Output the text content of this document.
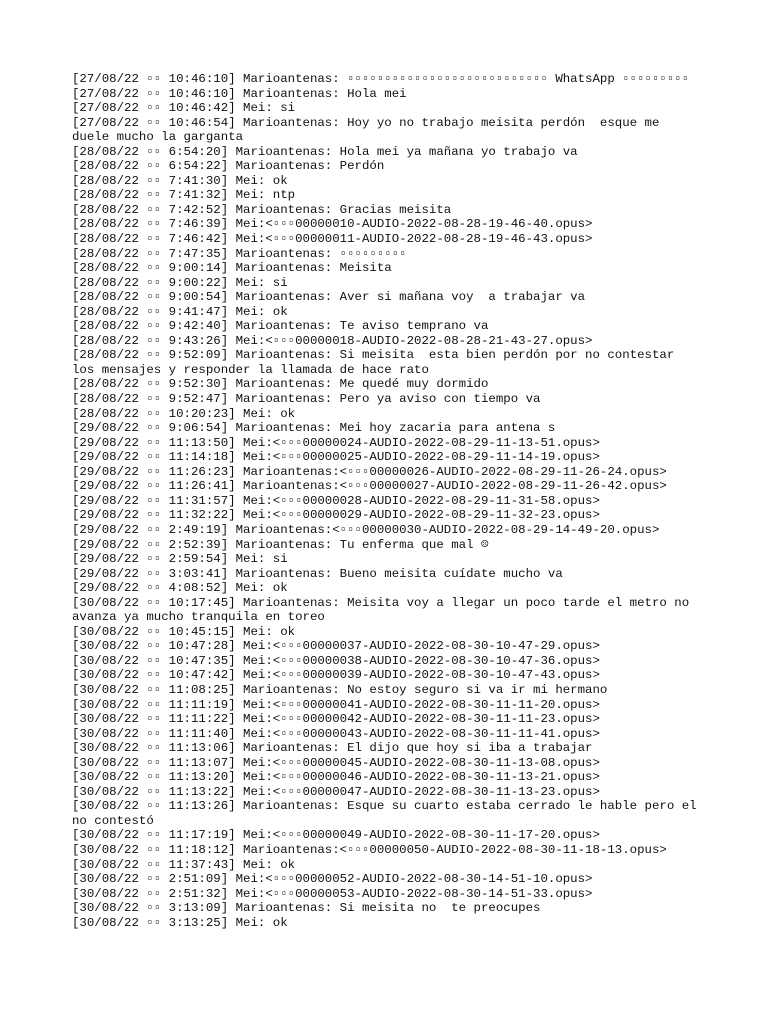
[27/08/22 ▫▫ 10:46:10] Marioantenas: ▫▫▫▫▫▫▫▫▫▫▫▫▫▫▫▫▫▫▫▫▫▫▫▫▫▫▫ WhatsApp ▫▫▫▫▫▫▫▫▫
[27/08/22 ▫▫ 10:46:10] Marioantenas: Hola mei
[27/08/22 ▫▫ 10:46:42] Mei: si
[27/08/22 ▫▫ 10:46:54] Marioantenas: Hoy yo no trabajo meisita perdón  esque me duele mucho la garganta
[28/08/22 ▫▫ 6:54:20] Marioantenas: Hola mei ya mañana yo trabajo va
[28/08/22 ▫▫ 6:54:22] Marioantenas: Perdón
[28/08/22 ▫▫ 7:41:30] Mei: ok
[28/08/22 ▫▫ 7:41:32] Mei: ntp
[28/08/22 ▫▫ 7:42:52] Marioantenas: Gracias meisita
[28/08/22 ▫▫ 7:46:39] Mei:<▫▫▫00000010-AUDIO-2022-08-28-19-46-40.opus>
[28/08/22 ▫▫ 7:46:42] Mei:<▫▫▫00000011-AUDIO-2022-08-28-19-46-43.opus>
[28/08/22 ▫▫ 7:47:35] Marioantenas: ▫▫▫▫▫▫▫▫▫
[28/08/22 ▫▫ 9:00:14] Marioantenas: Meisita
[28/08/22 ▫▫ 9:00:22] Mei: si
[28/08/22 ▫▫ 9:00:54] Marioantenas: Aver si mañana voy  a trabajar va
[28/08/22 ▫▫ 9:41:47] Mei: ok
[28/08/22 ▫▫ 9:42:40] Marioantenas: Te aviso temprano va
[28/08/22 ▫▫ 9:43:26] Mei:<▫▫▫00000018-AUDIO-2022-08-28-21-43-27.opus>
[28/08/22 ▫▫ 9:52:09] Marioantenas: Si meisita  esta bien perdón por no contestar los mensajes y responder la llamada de hace rato
[28/08/22 ▫▫ 9:52:30] Marioantenas: Me quedé muy dormido
[28/08/22 ▫▫ 9:52:47] Marioantenas: Pero ya aviso con tiempo va
[28/08/22 ▫▫ 10:20:23] Mei: ok
[29/08/22 ▫▫ 9:06:54] Marioantenas: Mei hoy zacaria para antena s
[29/08/22 ▫▫ 11:13:50] Mei:<▫▫▫00000024-AUDIO-2022-08-29-11-13-51.opus>
[29/08/22 ▫▫ 11:14:18] Mei:<▫▫▫00000025-AUDIO-2022-08-29-11-14-19.opus>
[29/08/22 ▫▫ 11:26:23] Marioantenas:<▫▫▫00000026-AUDIO-2022-08-29-11-26-24.opus>
[29/08/22 ▫▫ 11:26:41] Marioantenas:<▫▫▫00000027-AUDIO-2022-08-29-11-26-42.opus>
[29/08/22 ▫▫ 11:31:57] Mei:<▫▫▫00000028-AUDIO-2022-08-29-11-31-58.opus>
[29/08/22 ▫▫ 11:32:22] Mei:<▫▫▫00000029-AUDIO-2022-08-29-11-32-23.opus>
[29/08/22 ▫▫ 2:49:19] Marioantenas:<▫▫▫00000030-AUDIO-2022-08-29-14-49-20.opus>
[29/08/22 ▫▫ 2:52:39] Marioantenas: Tu enferma que mal ☹
[29/08/22 ▫▫ 2:59:54] Mei: si
[29/08/22 ▫▫ 3:03:41] Marioantenas: Bueno meisita cuídate mucho va
[29/08/22 ▫▫ 4:08:52] Mei: ok
[30/08/22 ▫▫ 10:17:45] Marioantenas: Meisita voy a llegar un poco tarde el metro no avanza ya mucho tranquila en toreo
[30/08/22 ▫▫ 10:45:15] Mei: ok
[30/08/22 ▫▫ 10:47:28] Mei:<▫▫▫00000037-AUDIO-2022-08-30-10-47-29.opus>
[30/08/22 ▫▫ 10:47:35] Mei:<▫▫▫00000038-AUDIO-2022-08-30-10-47-36.opus>
[30/08/22 ▫▫ 10:47:42] Mei:<▫▫▫00000039-AUDIO-2022-08-30-10-47-43.opus>
[30/08/22 ▫▫ 11:08:25] Marioantenas: No estoy seguro si va ir mi hermano
[30/08/22 ▫▫ 11:11:19] Mei:<▫▫▫00000041-AUDIO-2022-08-30-11-11-20.opus>
[30/08/22 ▫▫ 11:11:22] Mei:<▫▫▫00000042-AUDIO-2022-08-30-11-11-23.opus>
[30/08/22 ▫▫ 11:11:40] Mei:<▫▫▫00000043-AUDIO-2022-08-30-11-11-41.opus>
[30/08/22 ▫▫ 11:13:06] Marioantenas: El dijo que hoy si iba a trabajar
[30/08/22 ▫▫ 11:13:07] Mei:<▫▫▫00000045-AUDIO-2022-08-30-11-13-08.opus>
[30/08/22 ▫▫ 11:13:20] Mei:<▫▫▫00000046-AUDIO-2022-08-30-11-13-21.opus>
[30/08/22 ▫▫ 11:13:22] Mei:<▫▫▫00000047-AUDIO-2022-08-30-11-13-23.opus>
[30/08/22 ▫▫ 11:13:26] Marioantenas: Esque su cuarto estaba cerrado le hable pero el no contestó
[30/08/22 ▫▫ 11:17:19] Mei:<▫▫▫00000049-AUDIO-2022-08-30-11-17-20.opus>
[30/08/22 ▫▫ 11:18:12] Marioantenas:<▫▫▫00000050-AUDIO-2022-08-30-11-18-13.opus>
[30/08/22 ▫▫ 11:37:43] Mei: ok
[30/08/22 ▫▫ 2:51:09] Mei:<▫▫▫00000052-AUDIO-2022-08-30-14-51-10.opus>
[30/08/22 ▫▫ 2:51:32] Mei:<▫▫▫00000053-AUDIO-2022-08-30-14-51-33.opus>
[30/08/22 ▫▫ 3:13:09] Marioantenas: Si meisita no  te preocupes
[30/08/22 ▫▫ 3:13:25] Mei: ok
